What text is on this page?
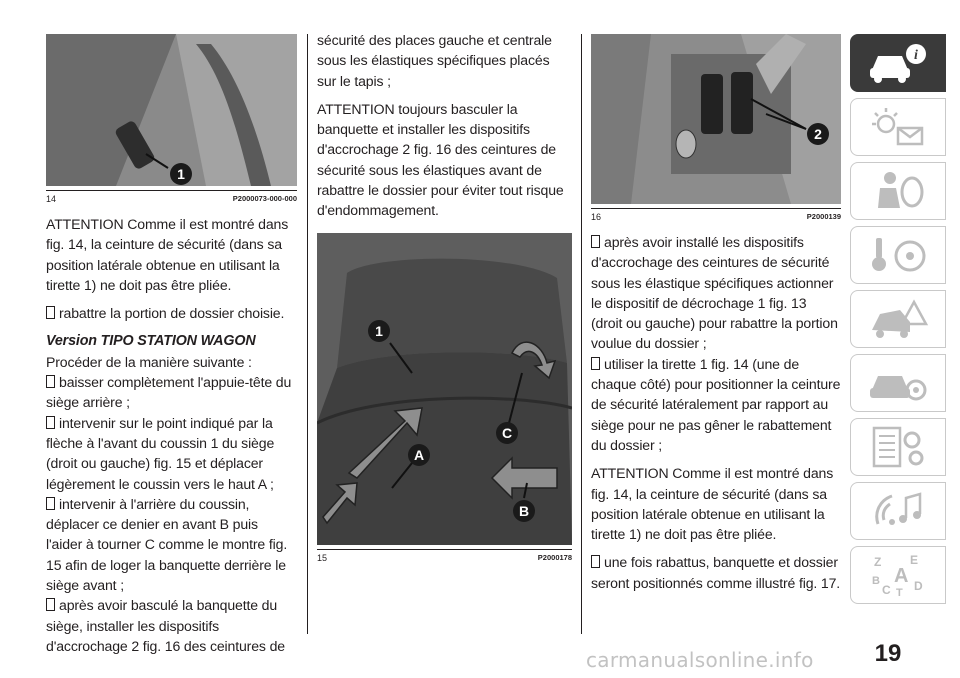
1
14	P2000073-000-000

ATTENTION Comme il est montré dans fig. 14, la ceinture de sécurité (dans sa position latérale obtenue en utilisant la tirette 1) ne doit pas être pliée.

rabattre la portion de dossier choisie.

Version TIPO STATION WAGON

Procéder de la manière suivante :

baisser complètement l'appuie-tête du siège arrière ;

intervenir sur le point indiqué par la flèche à l'avant du coussin 1 du siège (droit ou gauche) fig. 15 et déplacer légèrement le coussin vers le haut A ;

intervenir à l'arrière du coussin, déplacer ce denier en avant B puis l'aider à tourner C comme le montre fig. 15 afin de loger la banquette derrière le siège avant ;

après avoir basculé la banquette du siège, installer les dispositifs d'accrochage 2 fig. 16 des ceintures de

sécurité des places gauche et centrale sous les élastiques spécifiques placés sur le tapis ;

ATTENTION toujours basculer la banquette et installer les dispositifs d'accrochage 2 fig. 16 des ceintures de sécurité sous les élastiques avant de rabattre le dossier pour éviter tout risque d'endommagement.

1
C
A
B
15	P2000178
2
16	P2000139

après avoir installé les dispositifs d'accrochage des ceintures de sécurité sous les élastique spécifiques actionner le dispositif de décrochage 1 fig. 13 (droit ou gauche) pour rabattre la portion voulue du dossier ;

utiliser la tirette 1 fig. 14 (une de chaque côté) pour positionner la ceinture de sécurité latéralement par rapport au siège pour ne pas gêner le rabattement du dossier ;

ATTENTION Comme il est montré dans fig. 14, la ceinture de sécurité (dans sa position latérale obtenue en utilisant la tirette 1) ne doit pas être pliée.

une fois rabattus, banquette et dossier seront positionnés comme illustré fig. 17.

i
Z E
B A
C T D
19
carmanualsonline.info
